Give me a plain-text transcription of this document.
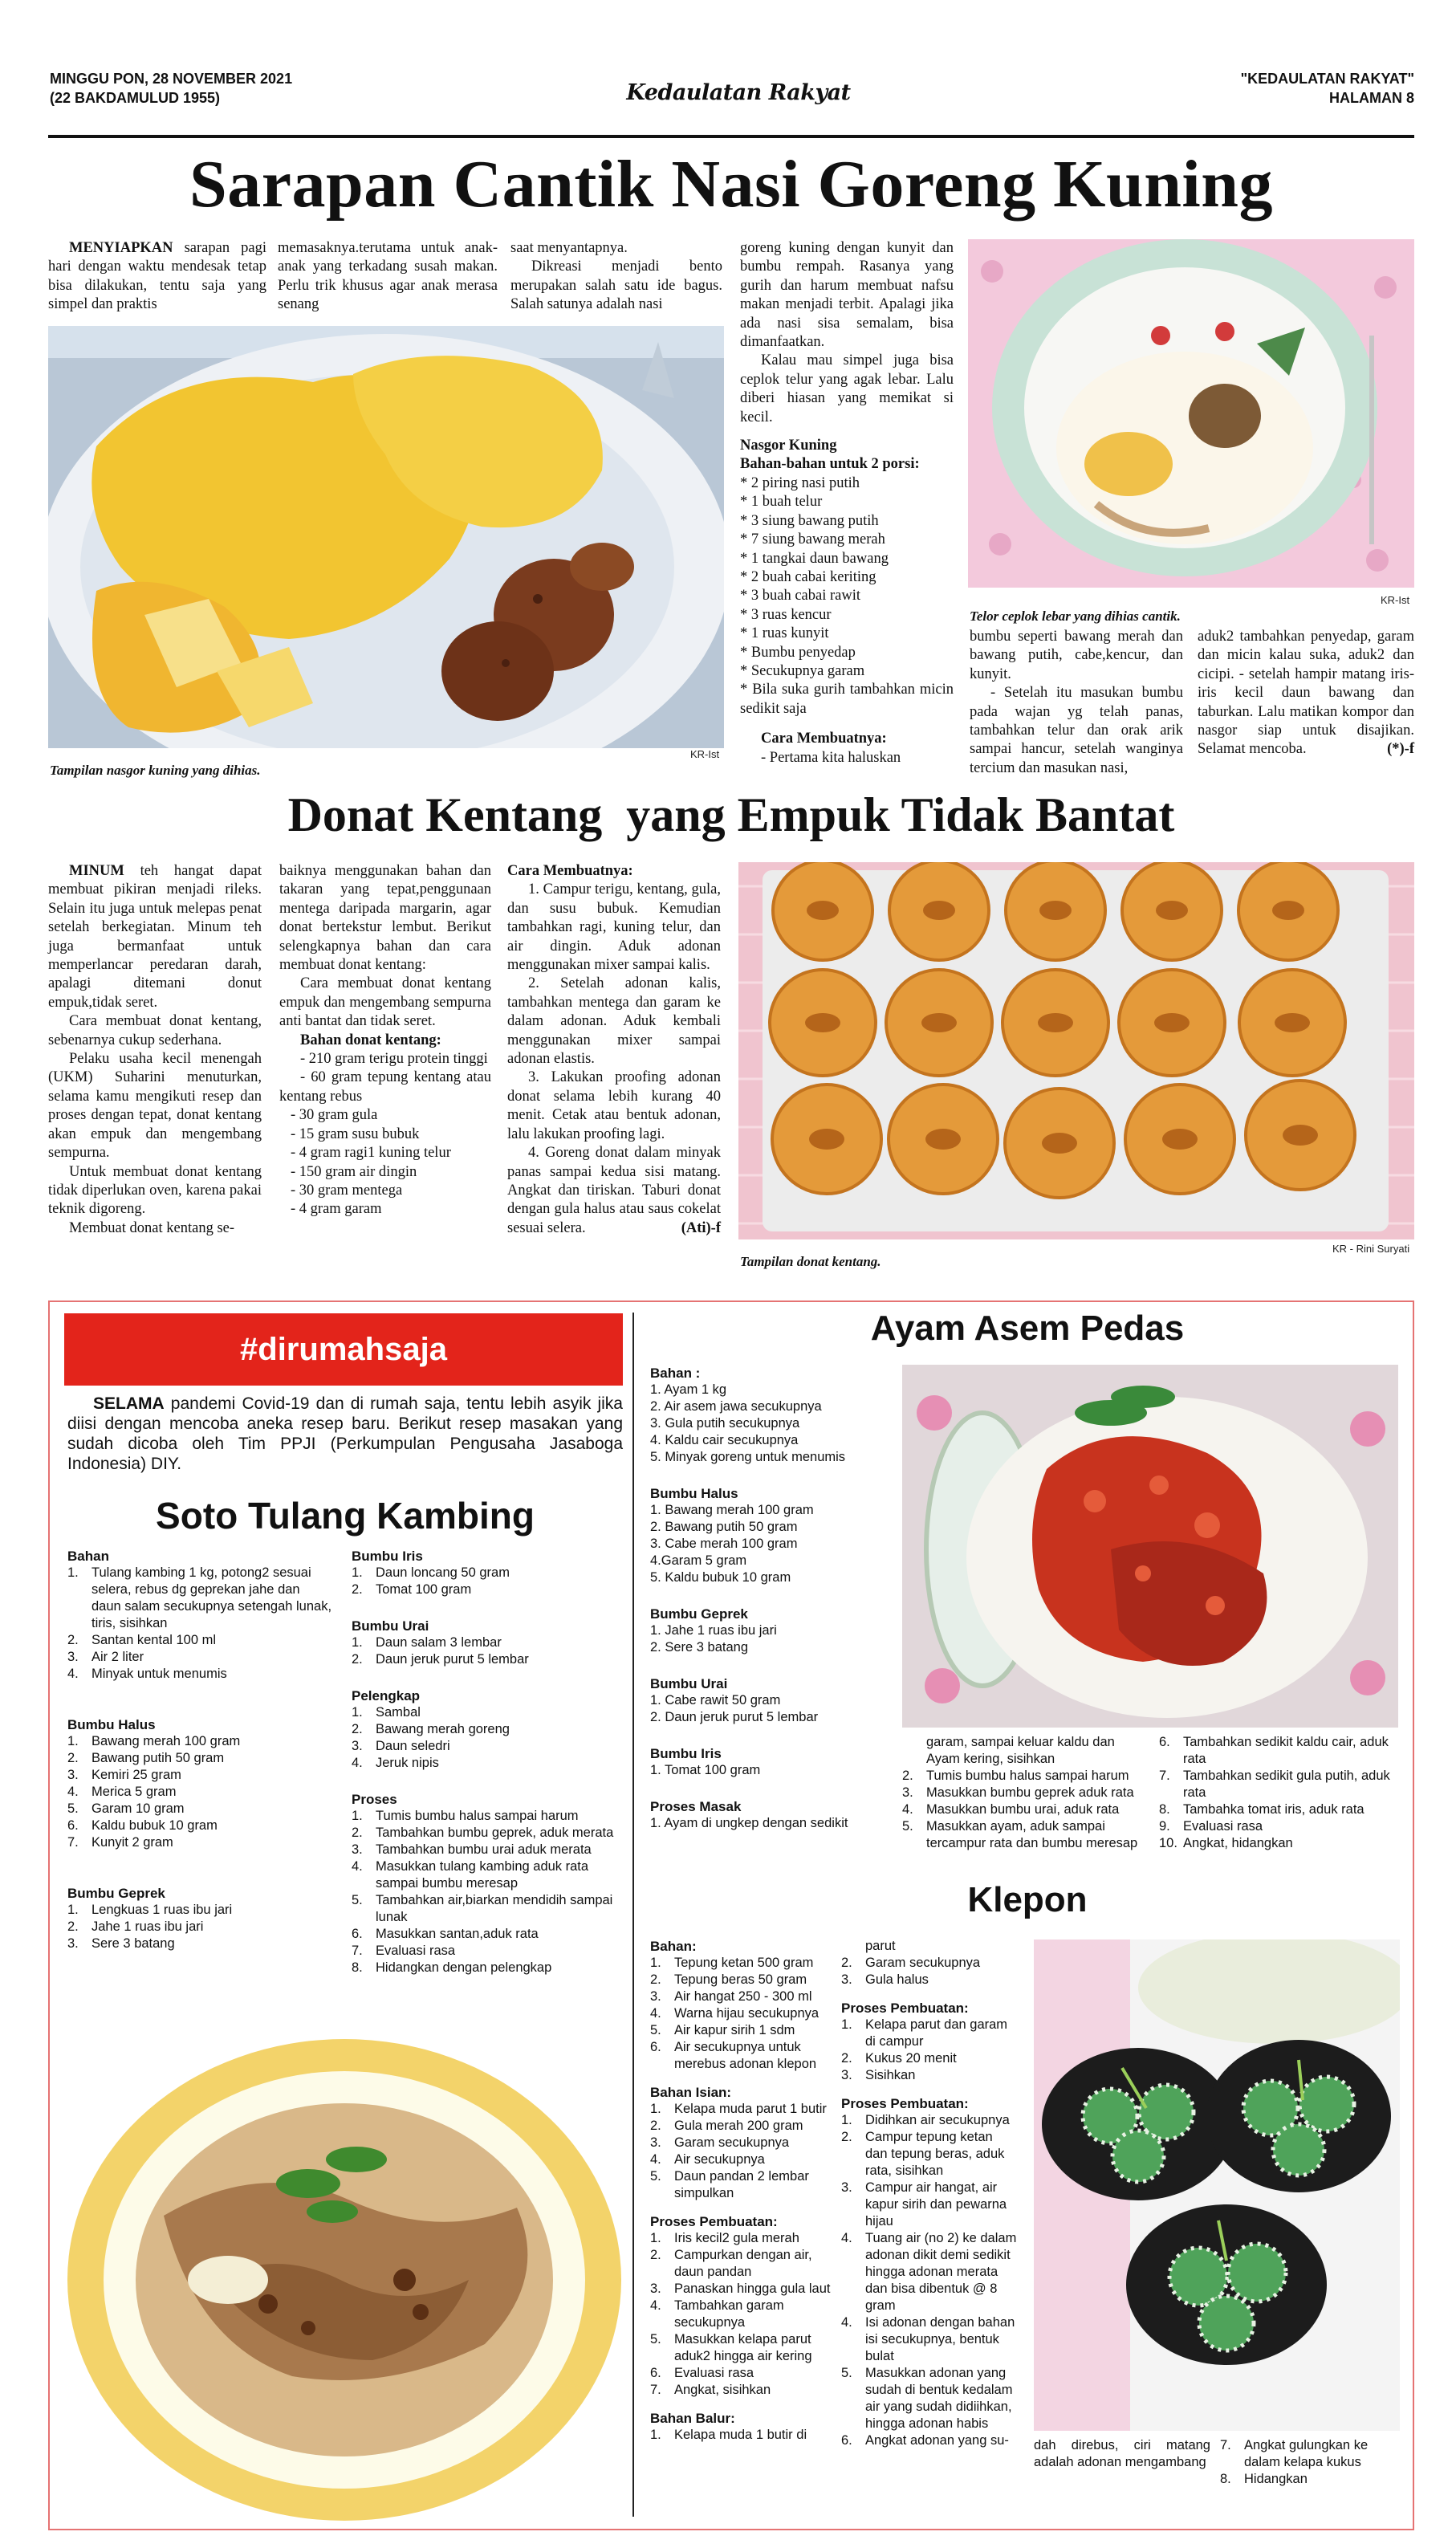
MINGGU PON, 28 NOVEMBER 2021
(22 BAKDAMULUD 1955)	Kedaulatan Rakyat
"KEDAULATAN RAKYAT"
HALAMAN 8
Sarapan Cantik Nasi Goreng Kuning

MENYIAPKAN sarapan pagi hari dengan waktu mendesak tetap bisa dilakukan, tentu saja yang simpel dan praktis

memasaknya.terutama untuk anak-anak yang terkadang susah makan. Perlu trik khusus agar anak merasa senang

saat menyantapnya.

Dikreasi menjadi bento merupakan salah satu ide bagus. Salah satunya adalah nasi

Tampilan nasgor kuning yang dihias.
KR-Ist

goreng kuning dengan kunyit dan bumbu rempah. Rasanya yang gurih dan harum membuat nafsu makan menjadi terbit. Apalagi jika ada nasi sisa semalam, bisa dimanfaatkan.

Kalau mau simpel juga bisa ceplok telur yang agak lebar. Lalu diberi hiasan yang memikat si kecil.

Nasgor Kuning

Bahan-bahan untuk 2 porsi:

* 2 piring nasi putih
* 1 buah telur
* 3 siung bawang putih
* 7 siung bawang merah
* 1 tangkai daun bawang
* 2 buah cabai keriting
* 3 buah cabai rawit
* 3 ruas kencur
* 1 ruas kunyit
* Bumbu penyedap
* Secukupnya garam
* Bila suka gurih tambahkan micin sedikit saja

Cara Membuatnya:

- Pertama kita haluskan

KR-Ist
Telor ceplok lebar yang dihias cantik.

bumbu seperti bawang merah dan bawang putih, cabe,kencur, dan kunyit.

- Setelah itu masukan bumbu pada wajan yg telah panas, tambahkan telur dan orak arik sampai hancur, setelah wanginya tercium dan masukan nasi,

aduk2 tambahkan penyedap, garam dan micin kalau suka, aduk2 dan cicipi. - setelah hampir matang iris- iris kecil daun bawang dan taburkan. Lalu matikan kompor dan nasgor siap untuk disajikan. Selamat mencoba.	(*)-f

Donat Kentang  yang Empuk Tidak Bantat

MINUM teh hangat dapat membuat pikiran menjadi rileks. Selain itu juga untuk melepas penat setelah berkegiatan. Minum teh juga bermanfaat untuk memperlancar peredaran darah, apalagi ditemani donut empuk,tidak seret.

Cara membuat donat kentang, sebenarnya cukup sederhana.

Pelaku usaha kecil menengah (UKM) Suharini menuturkan, selama kamu mengikuti resep dan proses dengan tepat, donat kentang akan empuk dan mengembang sempurna.

Untuk membuat donat kentang tidak diperlukan oven, karena pakai teknik digoreng.

Membuat donat kentang se-

baiknya menggunakan bahan dan takaran yang tepat,penggunaan mentega daripada margarin, agar donat bertekstur lembut. Berikut selengkapnya bahan dan cara membuat donat kentang:

Cara membuat donat kentang empuk dan mengembang sempurna anti bantat dan tidak seret.

Bahan donat kentang:

- 210 gram terigu protein tinggi
- 60 gram tepung kentang atau kentang rebus
- 30 gram gula
- 15 gram susu bubuk
- 4 gram ragi1 kuning telur
- 150 gram air dingin
- 30 gram mentega
- 4 gram garam

Cara Membuatnya:

1. Campur terigu, kentang, gula, dan susu bubuk. Kemudian tambahkan ragi, kuning telur, dan air dingin. Aduk adonan menggunakan mixer sampai kalis.

2. Setelah adonan kalis, tambahkan mentega dan garam ke dalam adonan. Aduk kembali menggunakan mixer sampai adonan elastis.

3. Lakukan proofing adonan donat selama lebih kurang 40 menit. Cetak atau bentuk adonan, lalu lakukan proofing lagi.

4. Goreng donat dalam minyak panas sampai kedua sisi matang. Angkat dan tiriskan. Taburi donat dengan gula halus atau saus cokelat sesuai selera.	(Ati)-f

Tampilan donat kentang.
KR - Rini Suryati
#dirumahsaja
SELAMA pandemi Covid-19 dan di rumah saja, tentu lebih asyik jika diisi dengan mencoba aneka resep baru. Berikut resep masakan yang sudah dicoba oleh Tim PPJI (Perkumpulan Pengusaha Jasaboga Indonesia) DIY.
Soto Tulang Kambing
Bahan
1. Tulang kambing 1 kg, potong2 sesuai selera, rebus dg geprekan jahe dan daun salam secukupnya setengah lunak, tiris, sisihkan
2. Santan kental 100 ml
3. Air 2 liter
4. Minyak untuk menumis
Bumbu Halus
1. Bawang merah 100 gram
2. Bawang putih 50 gram
3. Kemiri 25 gram
4. Merica 5 gram
5. Garam 10 gram
6. Kaldu bubuk 10 gram
7. Kunyit 2 gram
Bumbu Geprek
1. Lengkuas 1 ruas ibu jari
2. Jahe 1 ruas ibu jari
3. Sere 3 batang
Bumbu Iris
1. Daun loncang 50 gram
2. Tomat 100 gram
Bumbu Urai
1. Daun salam 3 lembar
2. Daun jeruk purut 5 lembar
Pelengkap
1. Sambal
2. Bawang merah goreng
3. Daun seledri
4. Jeruk nipis
Proses
1. Tumis bumbu halus sampai harum
2. Tambahkan bumbu geprek, aduk merata
3. Tambahkan bumbu urai aduk merata
4. Masukkan tulang kambing aduk rata sampai bumbu meresap
5. Tambahkan air,biarkan mendidih sampai lunak
6. Masukkan santan,aduk rata
7. Evaluasi rasa
8. Hidangkan dengan pelengkap
Ayam Asem Pedas
Bahan :
1. Ayam 1 kg
2. Air asem jawa secukupnya
3. Gula putih secukupnya
4. Kaldu cair secukupnya
5. Minyak goreng untuk menumis
Bumbu Halus
1. Bawang merah 100 gram
2. Bawang putih 50 gram
3. Cabe merah 100 gram
4.Garam 5 gram
5. Kaldu bubuk 10 gram
Bumbu Geprek
1. Jahe 1 ruas ibu jari
2. Sere 3 batang
Bumbu Urai
1. Cabe rawit 50 gram
2. Daun jeruk purut 5 lembar
Bumbu Iris
1. Tomat 100 gram
Proses Masak
1. Ayam di ungkep dengan sedikit
garam, sampai keluar kaldu dan Ayam kering, sisihkan
2. Tumis bumbu halus sampai harum
3. Masukkan bumbu geprek aduk rata
4. Masukkan bumbu urai, aduk rata
5. Masukkan ayam, aduk sampai tercampur rata dan bumbu meresap
6. Tambahkan sedikit kaldu cair, aduk rata
7. Tambahkan sedikit gula putih, aduk rata
8. Tambahka tomat iris, aduk rata
9. Evaluasi rasa
10. Angkat, hidangkan
Klepon
Bahan:
1. Tepung ketan 500 gram
2. Tepung beras 50 gram
3. Air hangat 250 - 300 ml
4. Warna hijau secukupnya
5. Air kapur sirih 1 sdm
6. Air secukupnya untuk merebus adonan klepon
Bahan Isian:
1. Kelapa muda parut 1 butir
2. Gula merah 200 gram
3. Garam secukupnya
4. Air secukupnya
5. Daun pandan 2 lembar simpulkan
Proses Pembuatan:
1. Iris kecil2 gula merah
2. Campurkan dengan air, daun pandan
3. Panaskan hingga gula laut
4. Tambahkan garam secukupnya
5. Masukkan kelapa parut aduk2 hingga air kering
6. Evaluasi rasa
7. Angkat, sisihkan
Bahan Balur:
1. Kelapa muda 1 butir di
parut
2. Garam secukupnya
3. Gula halus
Proses Pembuatan:
1. Kelapa parut dan garam di campur
2. Kukus 20 menit
3. Sisihkan
Proses Pembuatan:
1. Didihkan air secukupnya
2. Campur tepung ketan dan tepung beras, aduk rata, sisihkan
3. Campur air hangat, air kapur sirih dan pewarna hijau
4. Tuang air (no 2) ke dalam adonan dikit demi sedikit hingga adonan merata dan bisa dibentuk @ 8 gram
4. Isi adonan dengan bahan isi secukupnya, bentuk bulat
5. Masukkan adonan yang sudah di bentuk kedalam air yang sudah didiihkan, hingga adonan habis
6. Angkat adonan yang su-	dah direbus, ciri matang adalah adonan mengambang
7. Angkat gulungkan ke dalam kelapa kukus
8. Hidangkan
